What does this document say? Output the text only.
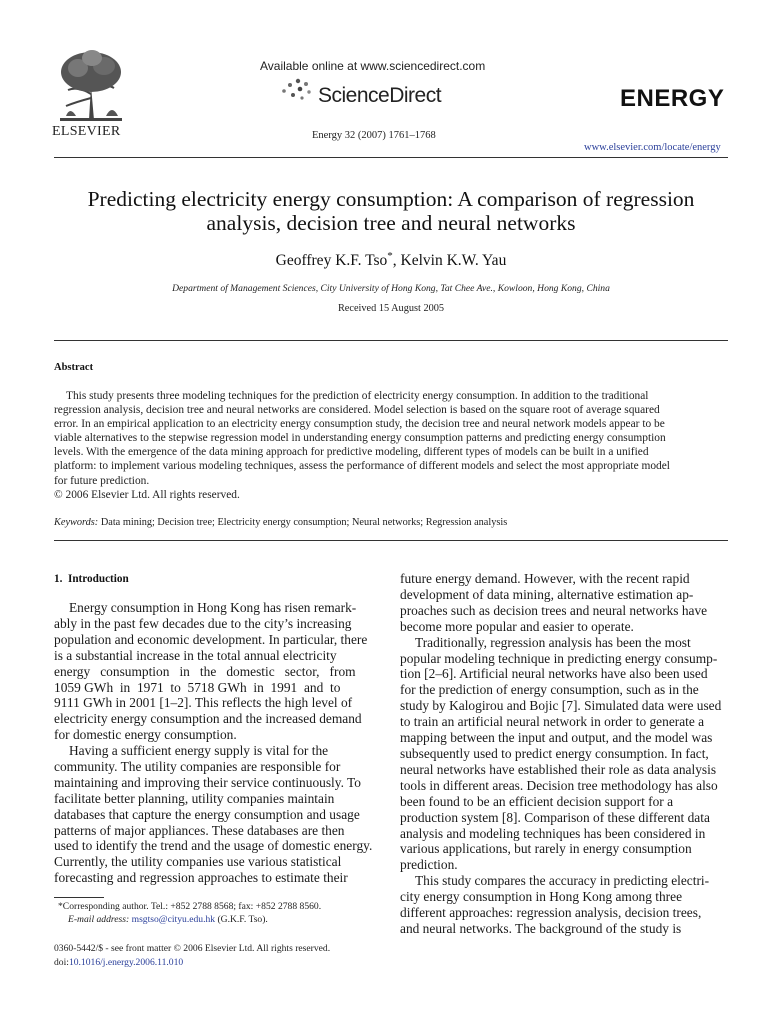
ELSEVIER
Available online at www.sciencedirect.com
ScienceDirect	ENERGY
Energy 32 (2007) 1761–1768
www.elsevier.com/locate/energy
Predicting electricity energy consumption: A comparison of regression
analysis, decision tree and neural networks
Geoffrey K.F. Tso*, Kelvin K.W. Yau
Department of Management Sciences, City University of Hong Kong, Tat Chee Ave., Kowloon, Hong Kong, China
Received 15 August 2005
Abstract
This study presents three modeling techniques for the prediction of electricity energy consumption. In addition to the traditional
regression analysis, decision tree and neural networks are considered. Model selection is based on the square root of average squared
error. In an empirical application to an electricity energy consumption study, the decision tree and neural network models appear to be
viable alternatives to the stepwise regression model in understanding energy consumption patterns and predicting energy consumption
levels. With the emergence of the data mining approach for predictive modeling, different types of models can be built in a unified
platform: to implement various modeling techniques, assess the performance of different models and select the most appropriate model
for future prediction.
© 2006 Elsevier Ltd. All rights reserved.
Keywords: Data mining; Decision tree; Electricity energy consumption; Neural networks; Regression analysis
1.  Introduction
Energy consumption in Hong Kong has risen remark-
ably in the past few decades due to the city’s increasing
population and economic development. In particular, there
is a substantial increase in the total annual electricity
energy   consumption   in   the   domestic   sector,   from
1059 GWh  in  1971  to  5718 GWh  in  1991  and  to
9111 GWh in 2001 [1–2]. This reflects the high level of
electricity energy consumption and the increased demand
for domestic energy consumption.
Having a sufficient energy supply is vital for the
community. The utility companies are responsible for
maintaining and improving their service continuously. To
facilitate better planning, utility companies maintain
databases that capture the energy consumption and usage
patterns of major appliances. These databases are then
used to identify the trend and the usage of domestic energy.
Currently, the utility companies use various statistical
forecasting and regression approaches to estimate their
*Corresponding author. Tel.: +852 2788 8568; fax: +852 2788 8560.
E-mail address: msgtso@cityu.edu.hk (G.K.F. Tso).
0360-5442/$ - see front matter © 2006 Elsevier Ltd. All rights reserved.
doi:10.1016/j.energy.2006.11.010
future energy demand. However, with the recent rapid
development of data mining, alternative estimation ap-
proaches such as decision trees and neural networks have
become more popular and easier to operate.
Traditionally, regression analysis has been the most
popular modeling technique in predicting energy consump-
tion [2–6]. Artificial neural networks have also been used
for the prediction of energy consumption, such as in the
study by Kalogirou and Bojic [7]. Simulated data were used
to train an artificial neural network in order to generate a
mapping between the input and output, and the model was
subsequently used to predict energy consumption. In fact,
neural networks have established their role as data analysis
tools in different areas. Decision tree methodology has also
been found to be an efficient decision support for a
production system [8]. Comparison of these different data
analysis and modeling techniques has been considered in
various applications, but rarely in energy consumption
prediction.
This study compares the accuracy in predicting electri-
city energy consumption in Hong Kong among three
different approaches: regression analysis, decision trees,
and neural networks. The background of the study is
